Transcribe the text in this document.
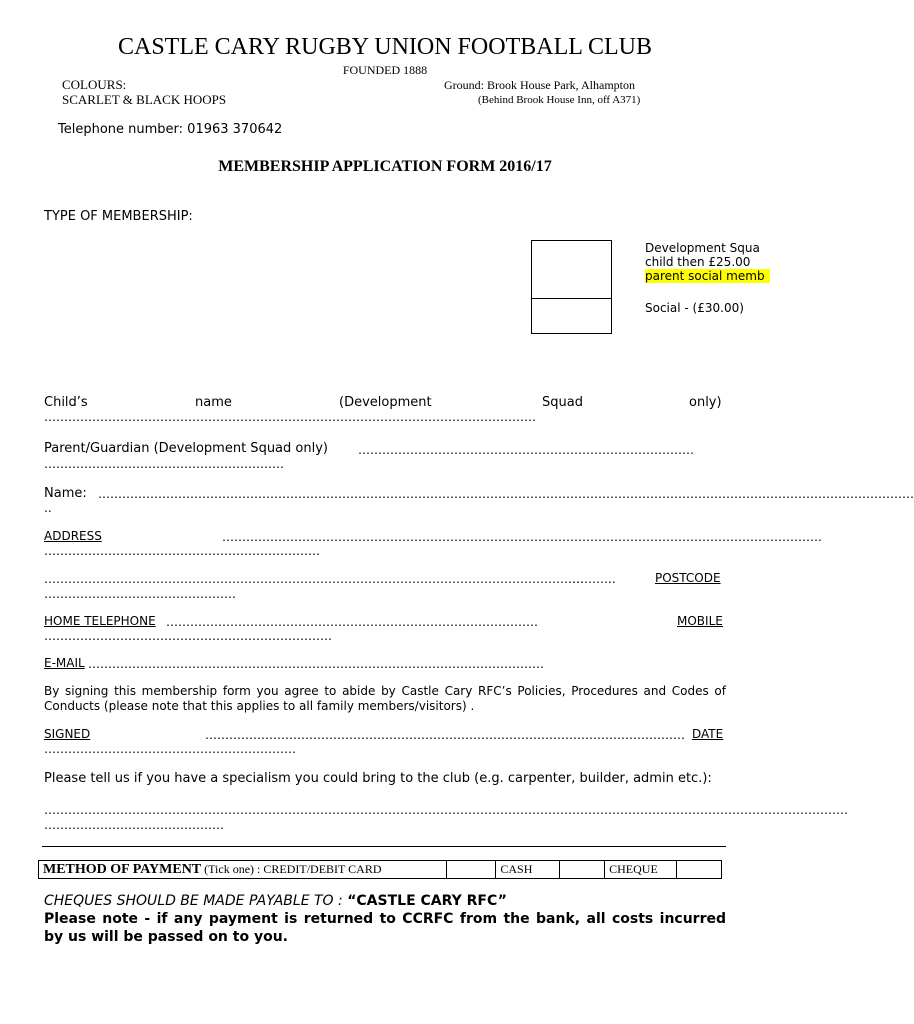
CASTLE CARY RUGBY UNION FOOTBALL CLUB
FOUNDED 1888
COLOURS:
SCARLET & BLACK HOOPS
Ground: Brook House Park, Alhampton
(Behind Brook House Inn, off A371)
Telephone number: 01963 370642
MEMBERSHIP APPLICATION FORM 2016/17
TYPE OF MEMBERSHIP:
Development Squa
child then £25.00
parent social memb
Social - (£30.00)
Child’s	name	(Development	Squad	only)
……………………………………………………………………………………………………………
Parent/Guardian (Development Squad only)	…………………………………………………………………………
……………………………………………………
Name: ……………………………………………………………………………………………………………………………………………………………………………………
..
ADDRESS	……………………………………………………………………………………………………………………………………
……………………………………………………………
………………………………………………………………………………………………………………………
………..	POSTCODE
…………………………………………
HOME TELEPHONE …………………………………………………………………………………	MOBILE
………………………………………………………………
E-MAIL ……………………………………………………………………………………………………
By signing this membership form you agree to abide by Castle Cary RFC’s Policies, Procedures and Codes of Conducts (please note that this applies to all family members/visitors) .
SIGNED	………………………………………………………………………………………………………… DATE
………………………………………………………
Please tell us if you have a specialism you could bring to the club (e.g. carpenter, builder, admin etc.):
…………………………………………………………………………………………………………………………………………………………………………………
………………………………………
METHOD OF PAYMENT (Tick one) : CREDIT/DEBIT CARD		CASH		CHEQUE	
CHEQUES SHOULD BE MADE PAYABLE TO : “CASTLE CARY RFC”
Please note - if any payment is returned to CCRFC from the bank, all costs incurred by us will be passed on to you.
